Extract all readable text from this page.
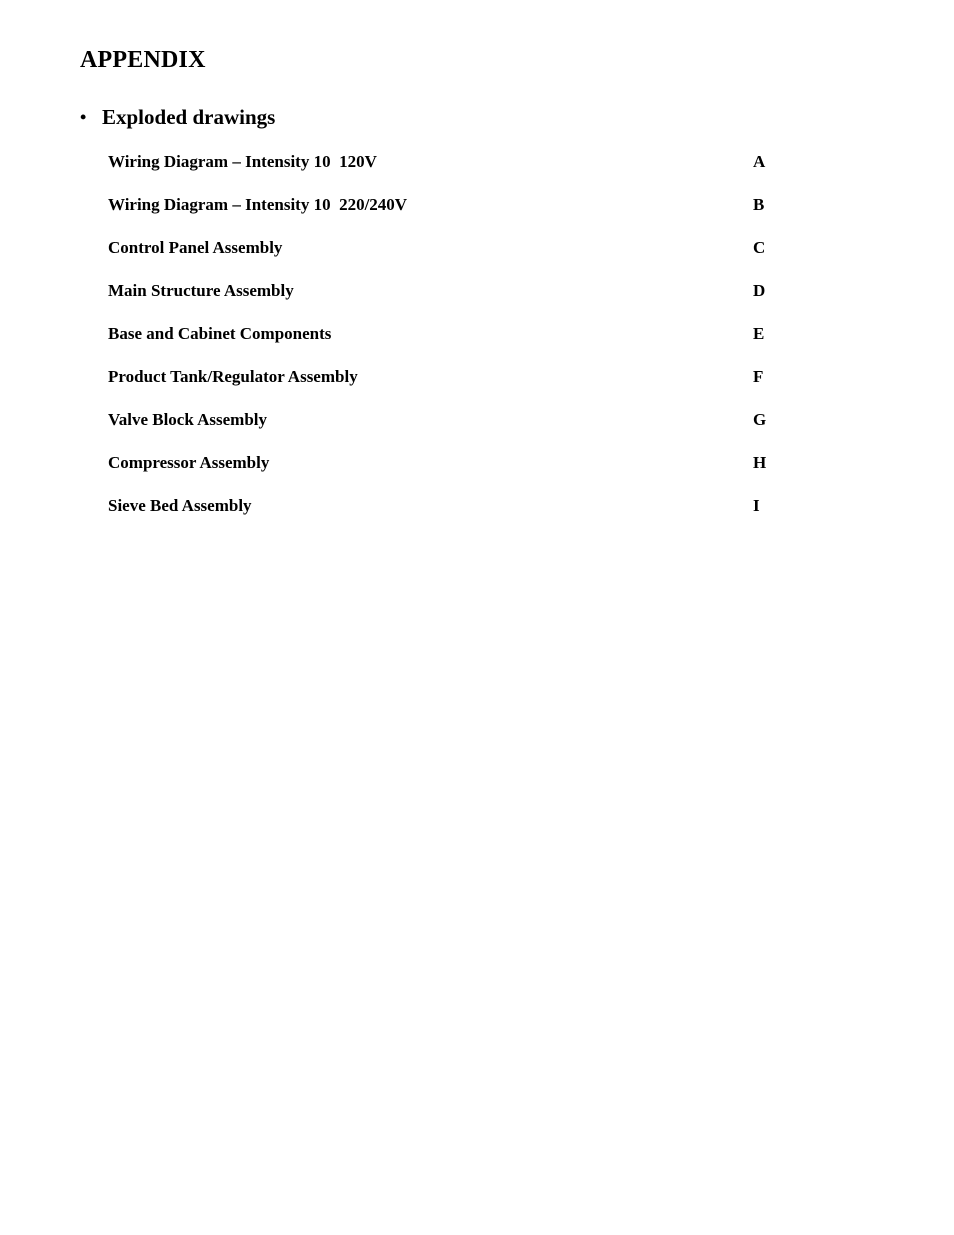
APPENDIX
• Exploded drawings
Wiring Diagram – Intensity 10  120V	A
Wiring Diagram – Intensity 10  220/240V	B
Control Panel Assembly	C
Main Structure Assembly	D
Base and Cabinet Components	E
Product Tank/Regulator Assembly	F
Valve Block Assembly	G
Compressor Assembly	H
Sieve Bed Assembly	I
